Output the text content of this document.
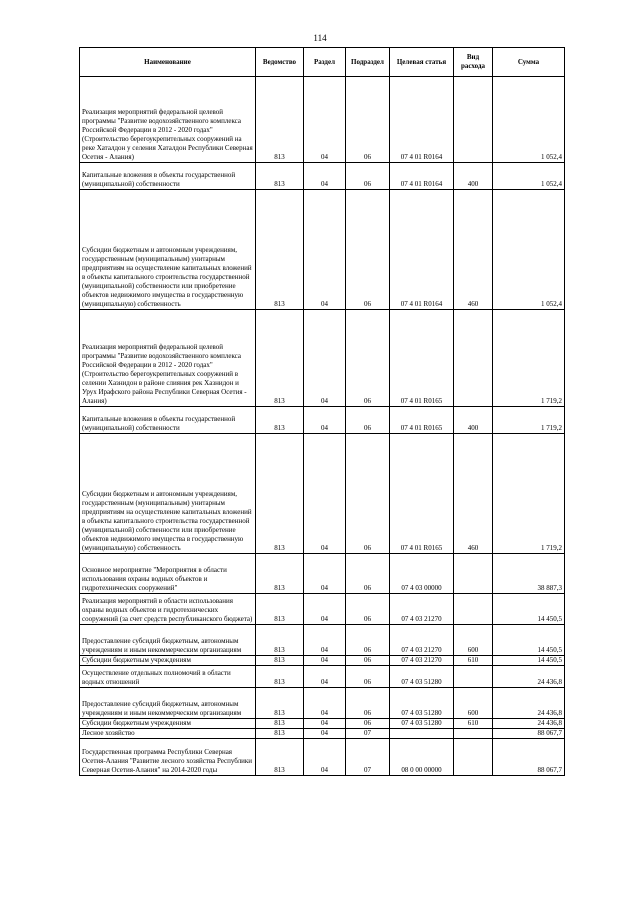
114
Наименование	Ведомство	Раздел	Подраздел	Целевая статья	Вид расхода	Сумма
Реализация мероприятий федеральной целевой программы "Развитие водохозяйственного комплекса Российской Федерации в 2012 - 2020 годах" (Строительство берегоукрепительных сооружений на реке Хаталдон у селения Хаталдон Республики Северная Осетия - Алания)	813	04	06	07 4 01 R0164		1 052,4
Капитальные вложения в объекты государственной (муниципальной) собственности	813	04	06	07 4 01 R0164	400	1 052,4
Субсидии бюджетным и автономным учреждениям, государственным (муниципальным) унитарным предприятиям на осуществление капитальных вложений в объекты капитального строительства государственной (муниципальной) собственности или приобретение объектов недвижимого имущества в государственную (муниципальную) собственность	813	04	06	07 4 01 R0164	460	1 052,4
Реализация мероприятий федеральной целевой программы "Развитие водохозяйственного комплекса Российской Федерации в 2012 - 2020 годах" (Строительство берегоукрепительных сооружений в селении Хазнидон в районе слияния рек Хазнидон и Урух Ирафского района Республики Северная Осетия - Алания)	813	04	06	07 4 01 R0165		1 719,2
Капитальные вложения в объекты государственной (муниципальной) собственности	813	04	06	07 4 01 R0165	400	1 719,2
Субсидии бюджетным и автономным учреждениям, государственным (муниципальным) унитарным предприятиям на осуществление капитальных вложений в объекты капитального строительства государственной (муниципальной) собственности или приобретение объектов недвижимого имущества в государственную (муниципальную) собственность	813	04	06	07 4 01 R0165	460	1 719,2
Основное мероприятие "Мероприятия в области использования охраны водных объектов и гидротехнических сооружений"	813	04	06	07 4 03 00000		38 887,3
Реализация мероприятий в области использования охраны водных объектов и гидротехнических сооружений (за счет средств республиканского бюджета)	813	04	06	07 4 03 21270		14 450,5
Предоставление субсидий бюджетным, автономным учреждениям и иным некоммерческим организациям	813	04	06	07 4 03 21270	600	14 450,5
Субсидии бюджетным учреждениям	813	04	06	07 4 03 21270	610	14 450,5
Осуществление отдельных полномочий в области водных отношений	813	04	06	07 4 03 51280		24 436,8
Предоставление субсидий бюджетным, автономным учреждениям и иным некоммерческим организациям	813	04	06	07 4 03 51280	600	24 436,8
Субсидии бюджетным учреждениям	813	04	06	07 4 03 51280	610	24 436,8
Лесное хозяйство	813	04	07			88 067,7
Государственная программа Республики Северная Осетия-Алания "Развитие лесного хозяйства Республики Северная Осетия-Алания" на 2014-2020 годы	813	04	07	08 0 00 00000		88 067,7
